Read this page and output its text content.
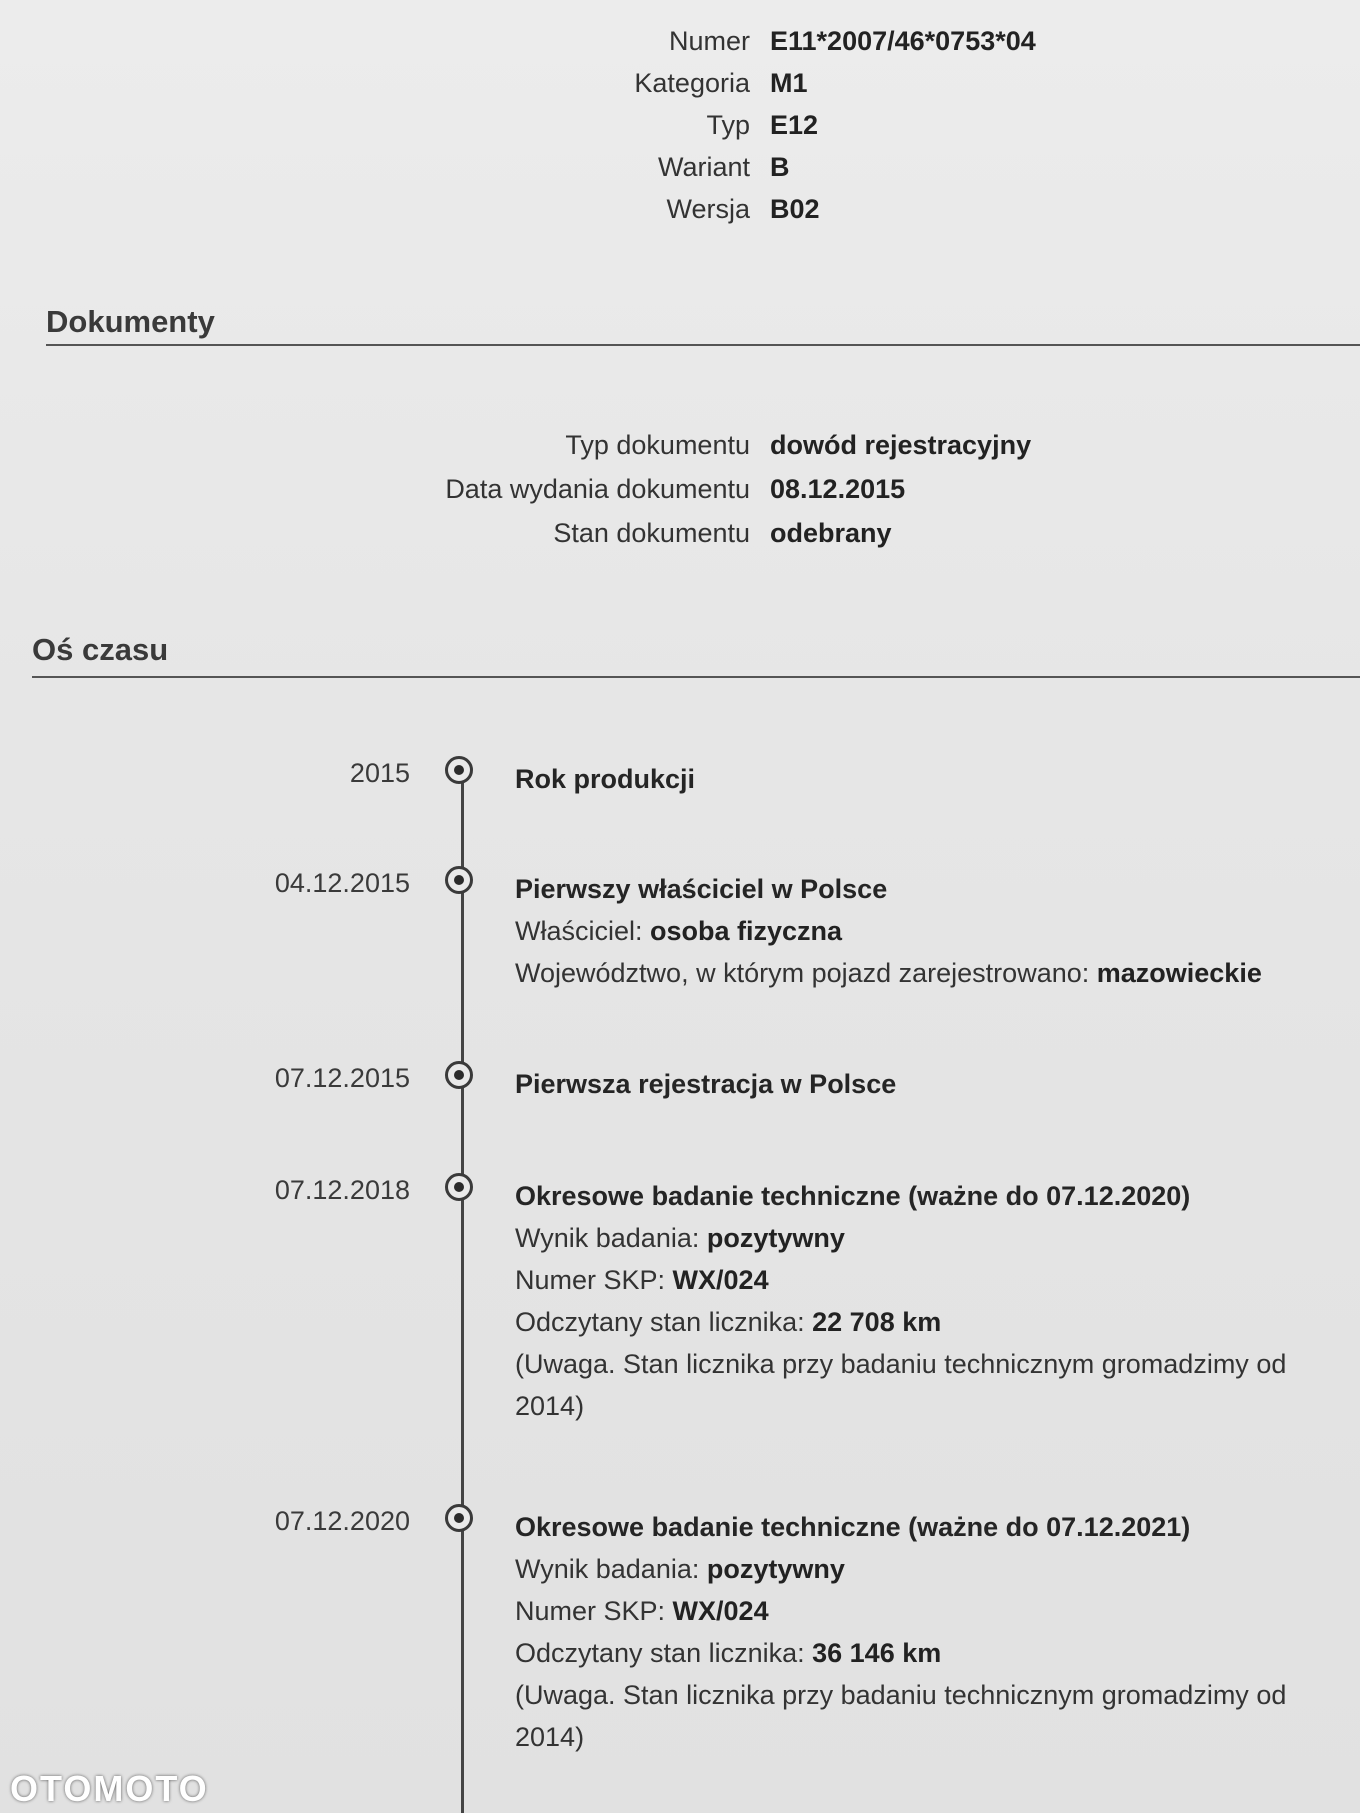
Numer E11*2007/46*0753*04
Kategoria M1
Typ E12
Wariant B
Wersja B02
Dokumenty
Typ dokumentu dowód rejestracyjny
Data wydania dokumentu 08.12.2015
Stan dokumentu odebrany
Oś czasu
2015	Rok produkcji
04.12.2015	Pierwszy właściciel w Polsce
Właściciel: osoba fizyczna
Województwo, w którym pojazd zarejestrowano: mazowieckie
07.12.2015	Pierwsza rejestracja w Polsce
07.12.2018	Okresowe badanie techniczne (ważne do 07.12.2020)
Wynik badania: pozytywny
Numer SKP: WX/024
Odczytany stan licznika: 22 708 km
(Uwaga. Stan licznika przy badaniu technicznym gromadzimy od 2014)
07.12.2020	Okresowe badanie techniczne (ważne do 07.12.2021)
Wynik badania: pozytywny
Numer SKP: WX/024
Odczytany stan licznika: 36 146 km
(Uwaga. Stan licznika przy badaniu technicznym gromadzimy od 2014)
OTOMOTO
